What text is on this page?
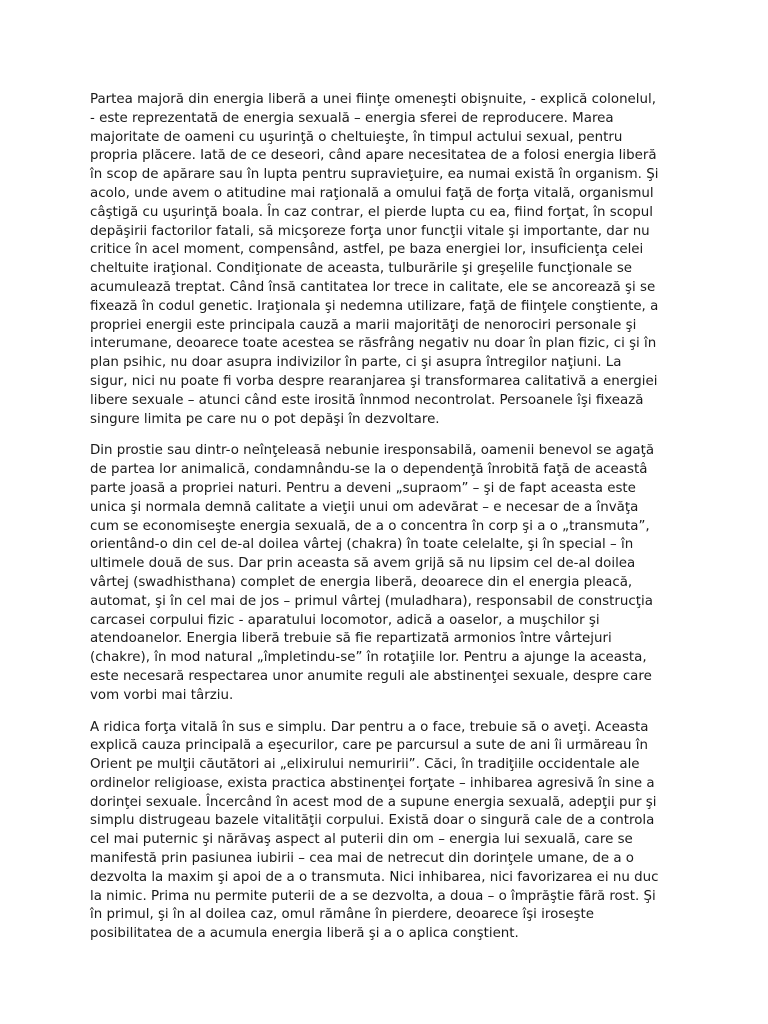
Partea majoră din energia liberă a unei fiinţe omeneşti obişnuite, - explică colonelul,
- este reprezentată de energia sexuală – energia sferei de reproducere. Marea
majoritate de oameni cu uşurinţă o cheltuieşte, în timpul actului sexual, pentru
propria plăcere. Iată de ce deseori, când apare necesitatea de a folosi energia liberă
în scop de apărare sau în lupta pentru supravieţuire, ea numai există în organism. Şi
acolo, unde avem o atitudine mai raţională a omului faţă de forţa vitală, organismul
câştigă cu uşurinţă boala. În caz contrar, el pierde lupta cu ea, fiind forţat, în scopul
depăşirii factorilor fatali, să micşoreze forţa unor funcţii vitale şi importante, dar nu
critice în acel moment, compensând, astfel, pe baza energiei lor, insuficienţa celei
cheltuite iraţional. Condiţionate de aceasta, tulburările şi greşelile funcţionale se
acumulează treptat. Când însă cantitatea lor trece in calitate, ele se ancorează şi se
fixează în codul genetic. Iraţionala şi nedemna utilizare, faţă de fiinţele conştiente, a
propriei energii este principala cauză a marii majorităţi de nenorociri personale şi
interumane, deoarece toate acestea se răsfrâng negativ nu doar în plan fizic, ci şi în
plan psihic, nu doar asupra indivizilor în parte, ci şi asupra întregilor naţiuni. La
sigur, nici nu poate fi vorba despre rearanjarea şi transformarea calitativă a energiei
libere sexuale – atunci când este irosită înnmod necontrolat. Persoanele îşi fixează
singure limita pe care nu o pot depăşi în dezvoltare.

Din prostie sau dintr-o neînţeleasă nebunie iresponsabilă, oamenii benevol se agaţă
de partea lor animalică, condamnându-se la o dependenţă înrobită faţă de aceastâ
parte joasă a propriei naturi. Pentru a deveni „supraom” – şi de fapt aceasta este
unica şi normala demnă calitate a vieţii unui om adevărat – e necesar de a învăţa
cum se economiseşte energia sexuală, de a o concentra în corp şi a o „transmuta”,
orientând-o din cel de-al doilea vârtej (chakra) în toate celelalte, şi în special – în
ultimele două de sus. Dar prin aceasta să avem grijă să nu lipsim cel de-al doilea
vârtej (swadhisthana) complet de energia liberă, deoarece din el energia pleacă,
automat, şi în cel mai de jos – primul vârtej (muladhara), responsabil de construcţia
carcasei corpului fizic - aparatului locomotor, adică a oaselor, a muşchilor şi
atendoanelor. Energia liberă trebuie să fie repartizată armonios între vârtejuri
(chakre), în mod natural „împletindu-se” în rotaţiile lor. Pentru a ajunge la aceasta,
este necesară respectarea unor anumite reguli ale abstinenţei sexuale, despre care
vom vorbi mai târziu.

A ridica forţa vitală în sus e simplu. Dar pentru a o face, trebuie să o aveţi. Aceasta
explică cauza principală a eşecurilor, care pe parcursul a sute de ani îi urmăreau în
Orient pe mulţii căutători ai „elixirului nemuririi”. Căci, în tradiţiile occidentale ale
ordinelor religioase, exista practica abstinenţei forţate – inhibarea agresivă în sine a
dorinţei sexuale. Încercând în acest mod de a supune energia sexuală, adepţii pur şi
simplu distrugeau bazele vitalităţii corpului. Există doar o singură cale de a controla
cel mai puternic şi nărăvaş aspect al puterii din om – energia lui sexuală, care se
manifestă prin pasiunea iubirii – cea mai de netrecut din dorinţele umane, de a o
dezvolta la maxim şi apoi de a o transmuta. Nici inhibarea, nici favorizarea ei nu duc
la nimic. Prima nu permite puterii de a se dezvolta, a doua – o împrăştie fără rost. Şi
în primul, şi în al doilea caz, omul rămâne în pierdere, deoarece îşi iroseşte
posibilitatea de a acumula energia liberă şi a o aplica conştient.
